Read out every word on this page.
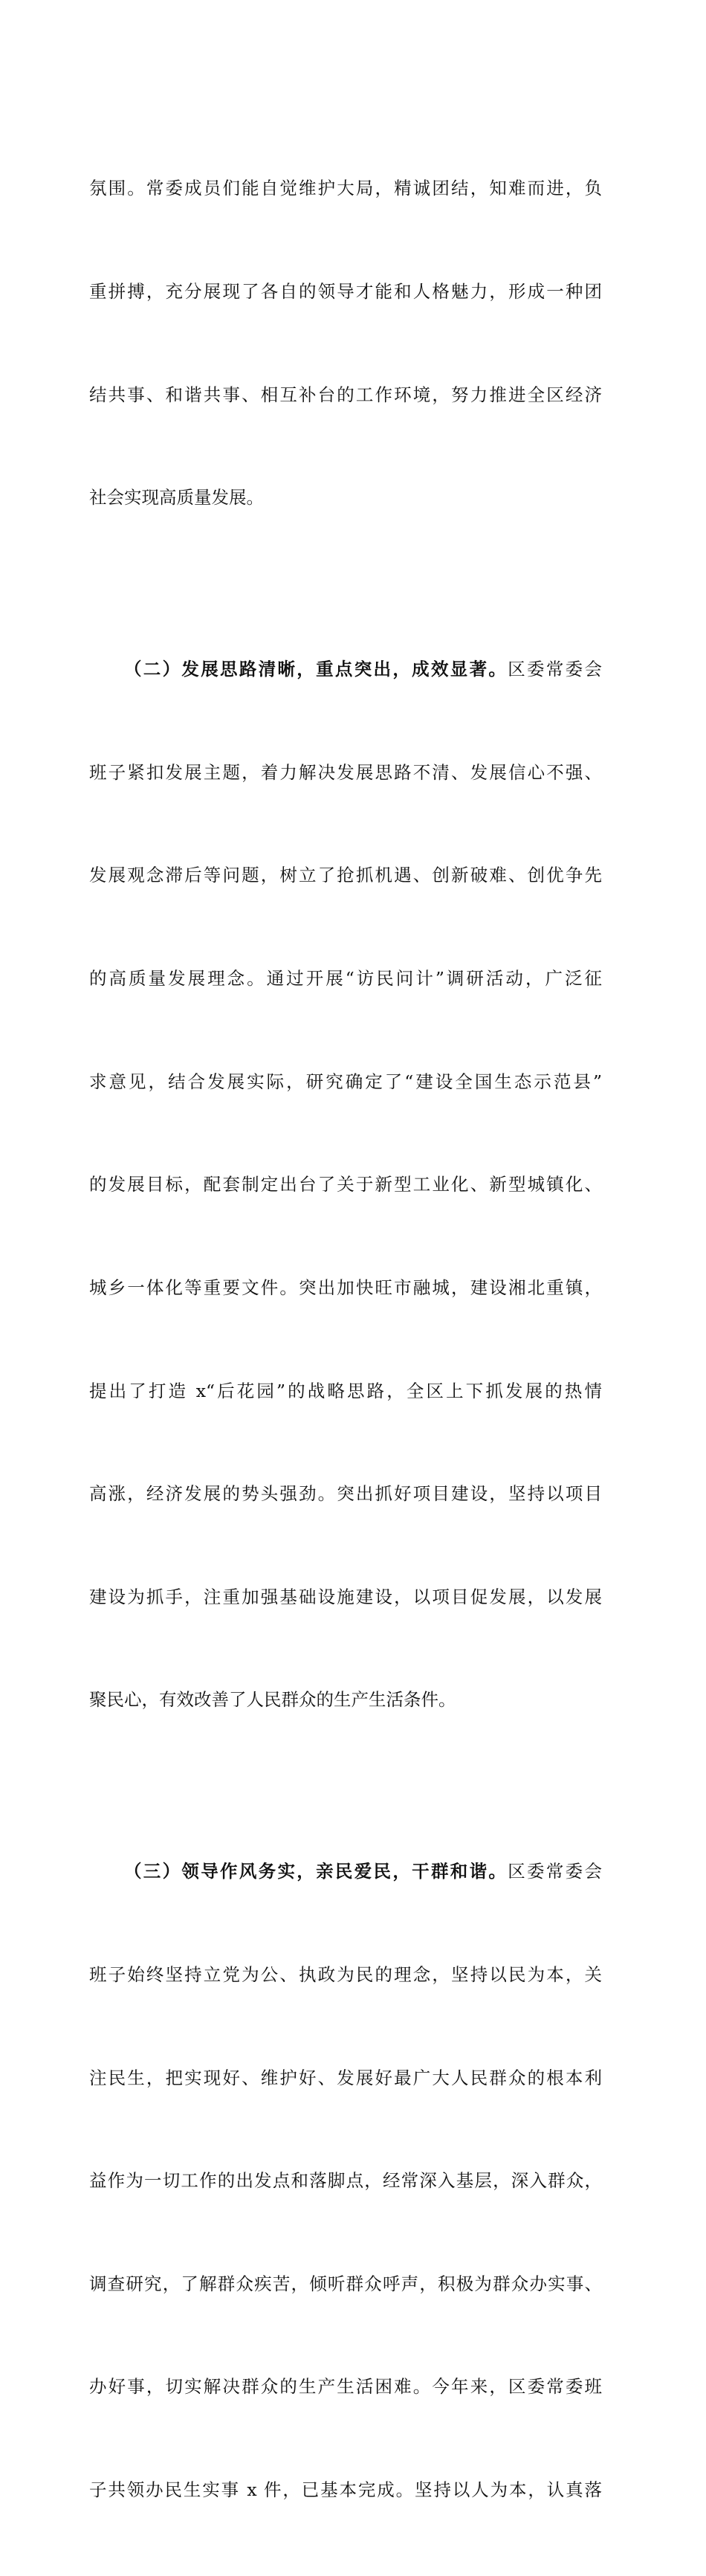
氛围。常委成员们能自觉维护大局，精诚团结，知难而进，负

重拼搏，充分展现了各自的领导才能和人格魅力，形成一种团

结共事、和谐共事、相互补台的工作环境，努力推进全区经济

社会实现高质量发展。

（二）发展思路清晰，重点突出，成效显著。区委常委会

班子紧扣发展主题，着力解决发展思路不清、发展信心不强、

发展观念滞后等问题，树立了抢抓机遇、创新破难、创优争先

的高质量发展理念。通过开展“访民问计”调研活动，广泛征

求意见，结合发展实际，研究确定了“建设全国生态示范县”

的发展目标，配套制定出台了关于新型工业化、新型城镇化、

城乡一体化等重要文件。突出加快旺市融城，建设湘北重镇，

提出了打造 x“后花园”的战略思路，全区上下抓发展的热情

高涨，经济发展的势头强劲。突出抓好项目建设，坚持以项目

建设为抓手，注重加强基础设施建设，以项目促发展，以发展

聚民心，有效改善了人民群众的生产生活条件。

（三）领导作风务实，亲民爱民，干群和谐。区委常委会

班子始终坚持立党为公、执政为民的理念，坚持以民为本，关

注民生，把实现好、维护好、发展好最广大人民群众的根本利

益作为一切工作的出发点和落脚点，经常深入基层，深入群众，

调查研究，了解群众疾苦，倾听群众呼声，积极为群众办实事、

办好事，切实解决群众的生产生活困难。今年来，区委常委班

子共领办民生实事 x 件，已基本完成。坚持以人为本，认真落
